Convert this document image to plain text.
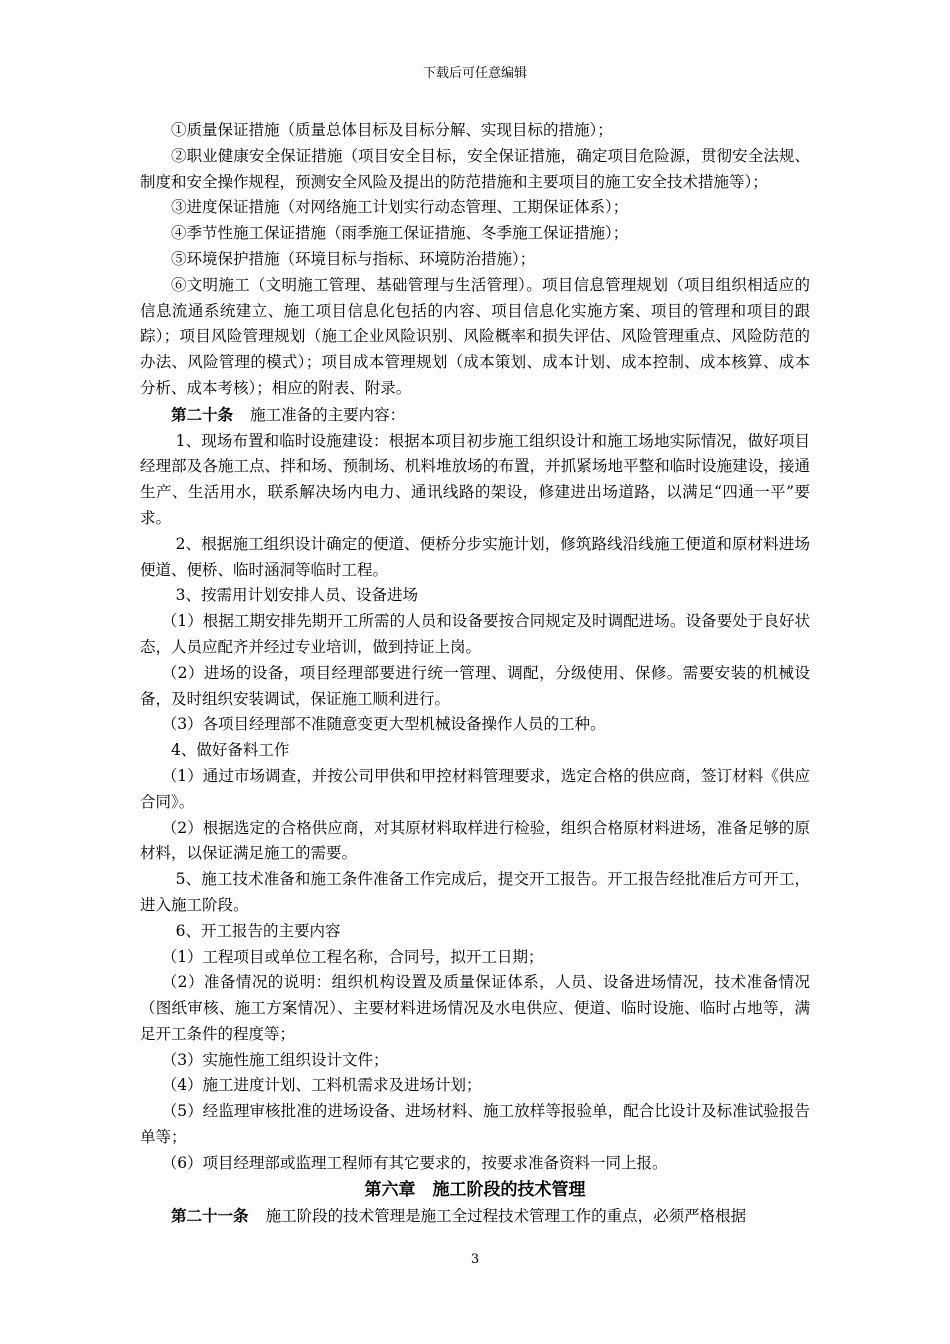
下载后可任意编辑

①质量保证措施（质量总体目标及目标分解、实现目标的措施）；

②职业健康安全保证措施（项目安全目标，安全保证措施，确定项目危险源，贯彻安全法规、制度和安全操作规程，预测安全风险及提出的防范措施和主要项目的施工安全技术措施等）；

③进度保证措施（对网络施工计划实行动态管理、工期保证体系）；

④季节性施工保证措施（雨季施工保证措施、冬季施工保证措施）；

⑤环境保护措施（环境目标与指标、环境防治措施）；

⑥文明施工（文明施工管理、基础管理与生活管理）。项目信息管理规划（项目组织相适应的信息流通系统建立、施工项目信息化包括的内容、项目信息化实施方案、项目的管理和项目的跟踪）；项目风险管理规划（施工企业风险识别、风险概率和损失评估、风险管理重点、风险防范的办法、风险管理的模式）；项目成本管理规划（成本策划、成本计划、成本控制、成本核算、成本分析、成本考核）；相应的附表、附录。

第二十条 施工准备的主要内容：

1、现场布置和临时设施建设：根据本项目初步施工组织设计和施工场地实际情况，做好项目经理部及各施工点、拌和场、预制场、机料堆放场的布置，并抓紧场地平整和临时设施建设，接通生产、生活用水，联系解决场内电力、通讯线路的架设，修建进出场道路，以满足“四通一平”要求。

2、根据施工组织设计确定的便道、便桥分步实施计划，修筑路线沿线施工便道和原材料进场便道、便桥、临时涵洞等临时工程。

3、按需用计划安排人员、设备进场

（1）根据工期安排先期开工所需的人员和设备要按合同规定及时调配进场。设备要处于良好状态，人员应配齐并经过专业培训，做到持证上岗。

（2）进场的设备，项目经理部要进行统一管理、调配，分级使用、保修。需要安装的机械设备，及时组织安装调试，保证施工顺利进行。

（3）各项目经理部不准随意变更大型机械设备操作人员的工种。

4、做好备料工作

（1）通过市场调查，并按公司甲供和甲控材料管理要求，选定合格的供应商，签订材料《供应合同》。

（2）根据选定的合格供应商，对其原材料取样进行检验，组织合格原材料进场，准备足够的原材料，以保证满足施工的需要。

5、施工技术准备和施工条件准备工作完成后，提交开工报告。开工报告经批准后方可开工，进入施工阶段。

6、开工报告的主要内容

（1）工程项目或单位工程名称，合同号，拟开工日期；

（2）准备情况的说明：组织机构设置及质量保证体系，人员、设备进场情况，技术准备情况（图纸审核、施工方案情况）、主要材料进场情况及水电供应、便道、临时设施、临时占地等，满足开工条件的程度等；

（3）实施性施工组织设计文件；

（4）施工进度计划、工料机需求及进场计划；

（5）经监理审核批准的进场设备、进场材料、施工放样等报验单，配合比设计及标准试验报告单等；

（6）项目经理部或监理工程师有其它要求的，按要求准备资料一同上报。

第六章　施工阶段的技术管理

第二十一条 施工阶段的技术管理是施工全过程技术管理工作的重点，必须严格根据

3
